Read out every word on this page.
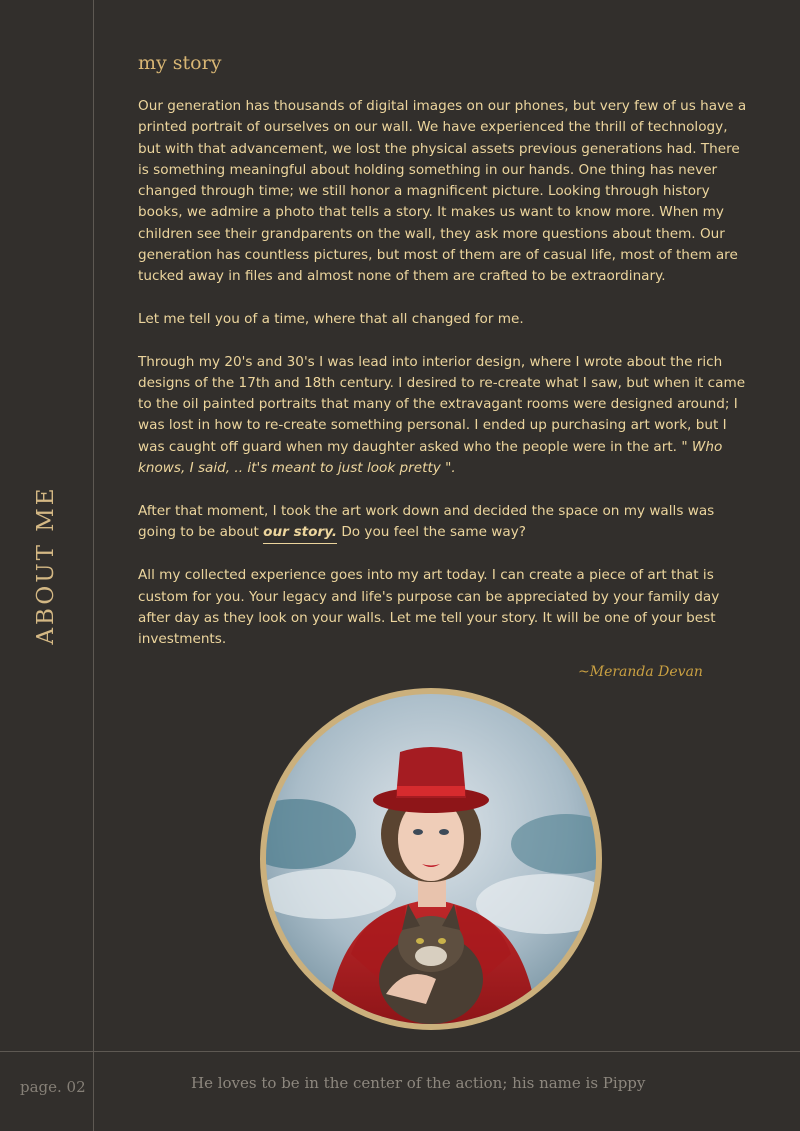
ABOUT ME
my story

Our generation has thousands of digital images on our phones, but very few of us have a printed portrait of ourselves on our wall. We have experienced the thrill of technology, but with that advancement, we lost the physical assets previous generations had. There is something meaningful about holding something in our hands. One thing has never changed through time; we still honor a magnificent picture. Looking through history books, we admire a photo that tells a story. It makes us want to know more. When my children see their grandparents on the wall, they ask more questions about them. Our generation has countless pictures, but most of them are of casual life, most of them are tucked away in files and almost none of them are crafted to be extraordinary.

Let me tell you of a time, where that all changed for me.

Through my 20's and 30's I was lead into interior design, where I wrote about the rich designs of the 17th and 18th century. I desired to re-create what I saw, but when it came to the oil painted portraits that many of the extravagant rooms were designed around; I was lost in how to re-create something personal. I ended up purchasing art work, but I was caught off guard when my daughter asked who the people were in the art. " Who knows, I said, .. it's meant to just look pretty ".

After that moment, I took the art work down and decided the space on my walls was going to be about our story. Do you feel the same way?

All my collected experience goes into my art today. I can create a piece of art that is custom for you. Your legacy and life's purpose can be appreciated by your family day after day as they look on your walls. Let me tell your story. It will be one of your best investments.

~Meranda Devan
page. 02	He loves to be in the center of the action; his name is Pippy
